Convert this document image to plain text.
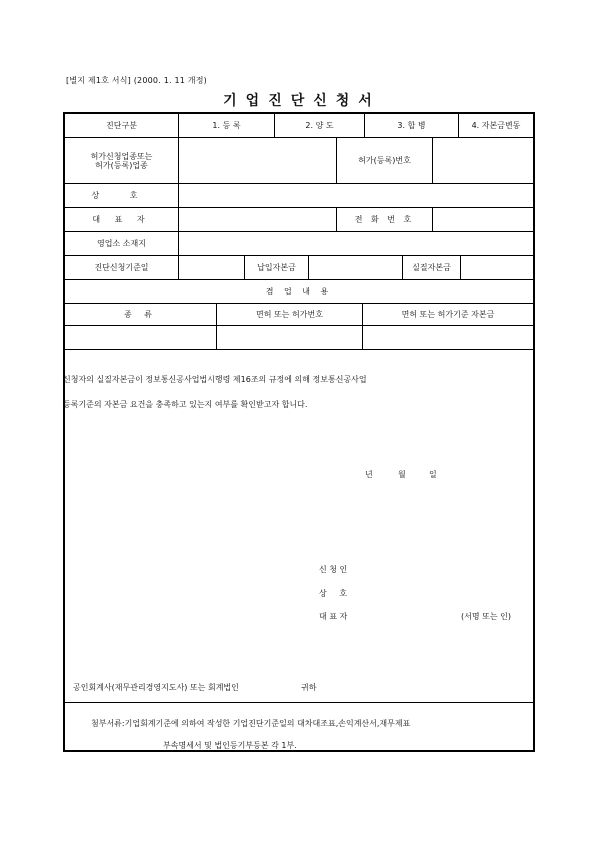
[별지 제1호 서식] (2000. 1. 11 개정)
기업진단신청서
진단구분	1. 등 록	2. 양 도	3. 합 병	4. 자본금변동
허가신청업종또는
허가(등록)업종	허가(등록)번호
상 호
대 표 자	전 화 번 호
영업소 소재지
진단신청기준일	납입자본금	실질자본금
겸 업 내 용
종 류	면허 또는 허가번호	면허 또는 허가기준 자본금
신청자의 실질자본금이 정보통신공사업법시행령 제16조의 규정에 의해 정보통신공사업
등록기준의 자본금 요건을 충족하고 있는지 여부를 확인받고자 합니다.
년	월	일
신 청 인
상 호
대 표 자	(서명 또는 인)
공인회계사(재무관리경영지도사) 또는 회계법인	귀하
첨부서류:기업회계기준에 의하여 작성한 기업진단기준일의 대차대조표,손익계산서,재무제표
부속명세서 및 법인등기부등본 각 1부.
